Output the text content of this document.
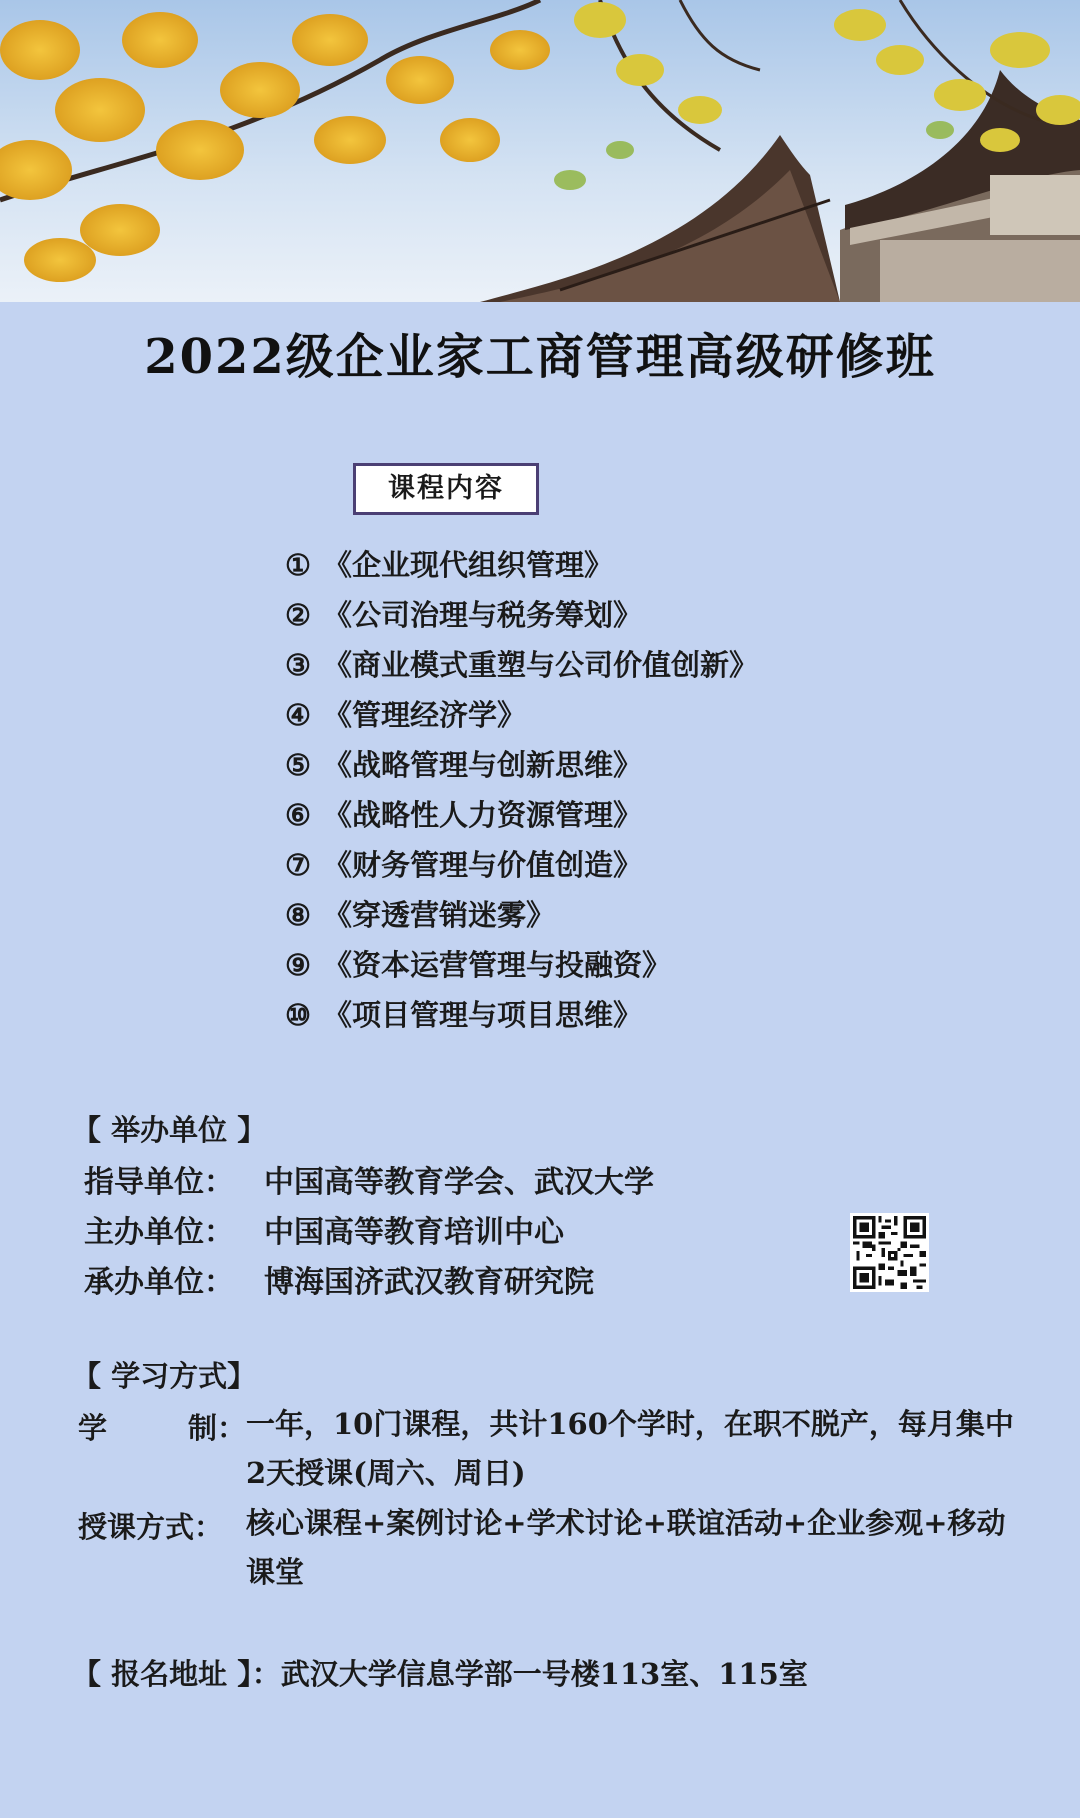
2022级企业家工商管理高级研修班
课程内容
① 《企业现代组织管理》
② 《公司治理与税务筹划》
③ 《商业模式重塑与公司价值创新》
④ 《管理经济学》
⑤ 《战略管理与创新思维》
⑥ 《战略性人力资源管理》
⑦ 《财务管理与价值创造》
⑧ 《穿透营销迷雾》
⑨ 《资本运营管理与投融资》
⑩ 《项目管理与项目思维》
【 举办单位 】
指导单位： 中国高等教育学会、武汉大学
主办单位： 中国高等教育培训中心
承办单位： 博海国济武汉教育研究院
【 学习方式】
学	制： 一年，10门课程，共计160个学时，在职不脱产，每月集中2天授课(周六、周日)
授课方式： 核心课程+案例讨论+学术讨论+联谊活动+企业参观+移动课堂
【 报名地址 】：武汉大学信息学部一号楼113室、115室
